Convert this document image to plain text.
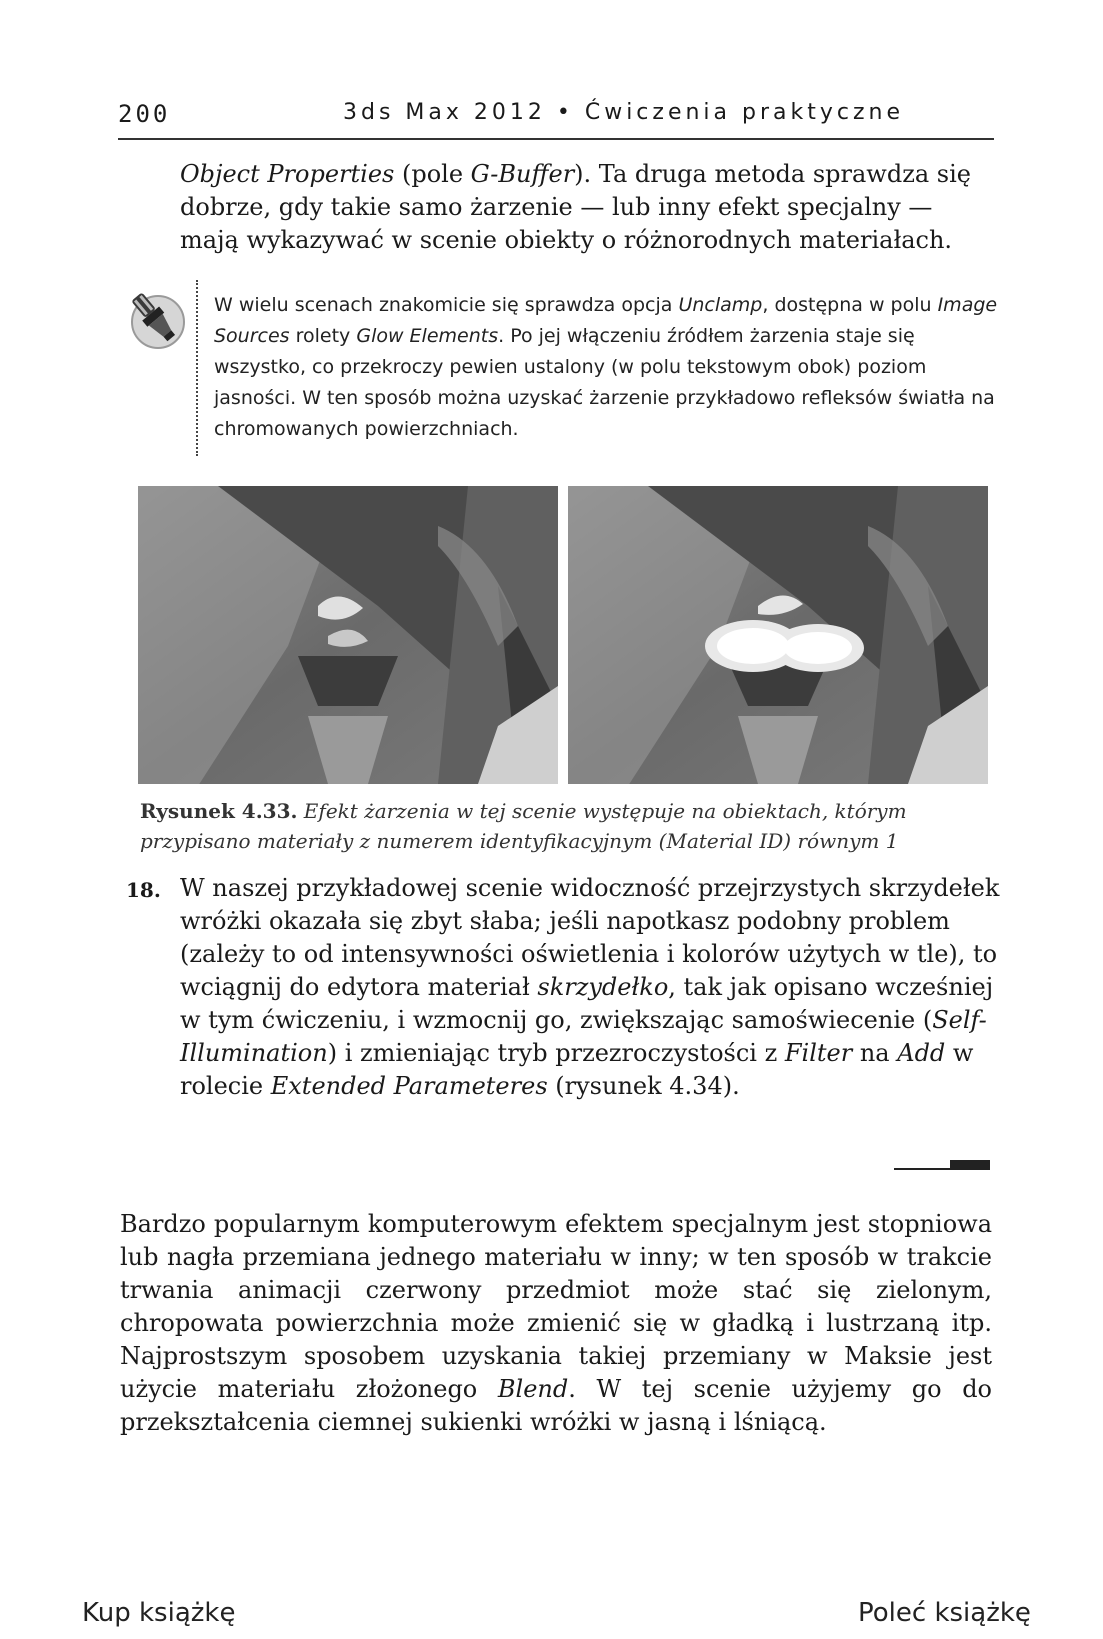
200	3ds Max 2012 • Ćwiczenia praktyczne

Object Properties (pole G-Buffer). Ta druga metoda sprawdza się dobrze, gdy takie samo żarzenie — lub inny efekt specjalny — mają wykazywać w scenie obiekty o różnorodnych materiałach.

W wielu scenach znakomicie się sprawdza opcja Unclamp, dostępna w polu Image Sources rolety Glow Elements. Po jej włączeniu źródłem żarzenia staje się wszystko, co przekroczy pewien ustalony (w polu tekstowym obok) poziom jasności. W ten sposób można uzyskać żarzenie przykładowo refleksów światła na chromowanych powierzchniach.

Rysunek 4.33. Efekt żarzenia w tej scenie występuje na obiektach, którym przypisano materiały z numerem identyfikacyjnym (Material ID) równym 1

18. W naszej przykładowej scenie widoczność przejrzystych skrzydełek wróżki okazała się zbyt słaba; jeśli napotkasz podobny problem (zależy to od intensywności oświetlenia i kolorów użytych w tle), to wciągnij do edytora materiał skrzydełko, tak jak opisano wcześniej w tym ćwiczeniu, i wzmocnij go, zwiększając samoświecenie (Self-Illumination) i zmieniając tryb przezroczystości z Filter na Add w rolecie Extended Parameteres (rysunek 4.34).

Bardzo popularnym komputerowym efektem specjalnym jest stopniowa lub nagła przemiana jednego materiału w inny; w ten sposób w trakcie trwania animacji czerwony przedmiot może stać się zielonym, chropowata powierzchnia może zmienić się w gładką i lustrzaną itp. Najprostszym sposobem uzyskania takiej przemiany w Maksie jest użycie materiału złożonego Blend. W tej scenie użyjemy go do przekształcenia ciemnej sukienki wróżki w jasną i lśniącą.

Kup książkę	Poleć książkę
